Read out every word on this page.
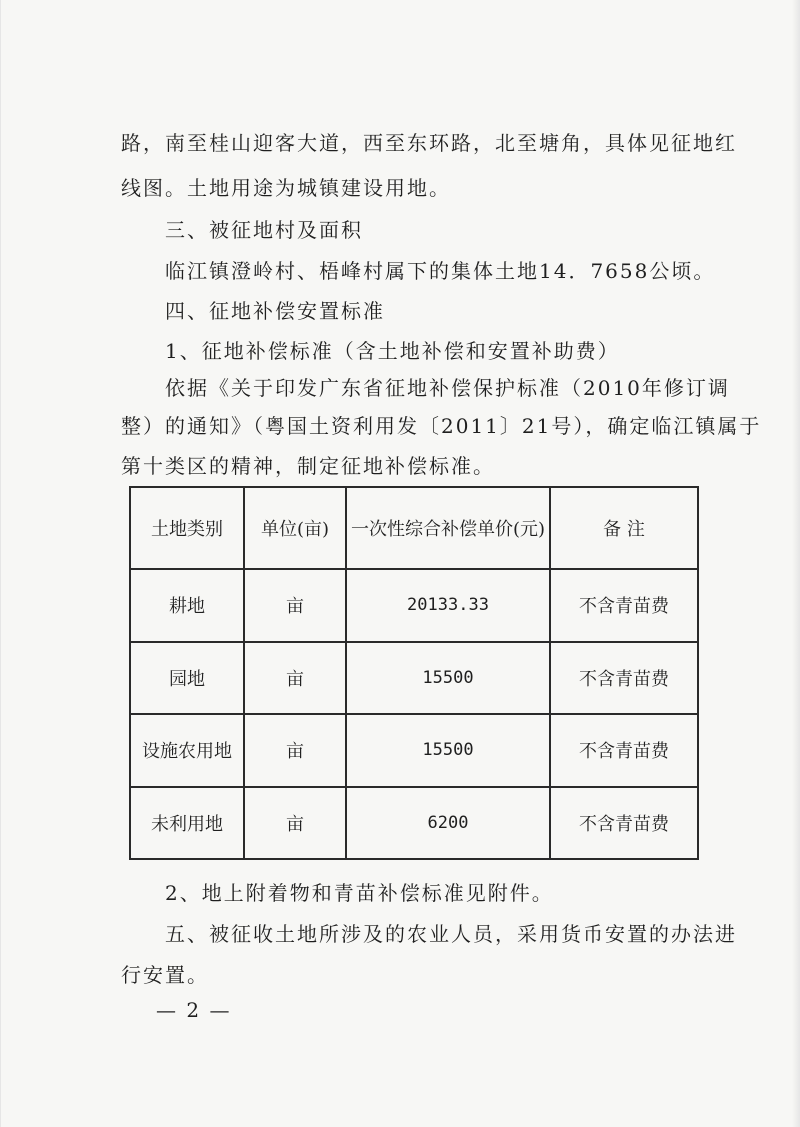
路，南至桂山迎客大道，西至东环路，北至塘角，具体见征地红
线图。土地用途为城镇建设用地。
三、被征地村及面积
临江镇澄岭村、梧峰村属下的集体土地14．7658公顷。
四、征地补偿安置标准
1、征地补偿标准（含土地补偿和安置补助费）
依据《关于印发广东省征地补偿保护标准（2010年修订调
整）的通知》（粤国土资利用发〔2011〕21号），确定临江镇属于
第十类区的精神，制定征地补偿标准。
土地类别	单位(亩)	一次性综合补偿单价(元)	备 注
耕地	亩	20133.33	不含青苗费
园地	亩	15500	不含青苗费
设施农用地	亩	15500	不含青苗费
未利用地	亩	6200	不含青苗费
2、地上附着物和青苗补偿标准见附件。
五、被征收土地所涉及的农业人员，采用货币安置的办法进
行安置。
— 2 —
